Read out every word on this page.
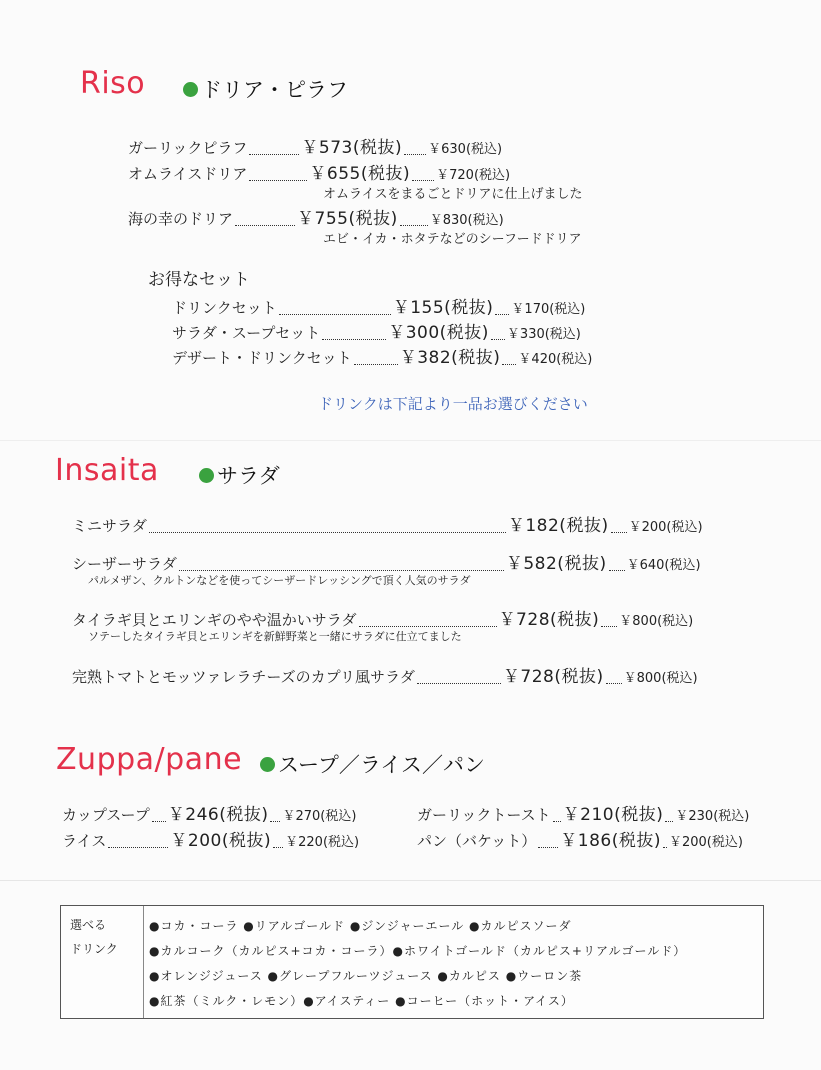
Riso	ドリア・ピラフ
ガーリックピラフ	￥573(税抜) ￥630(税込)
オムライスドリア	￥655(税抜) ￥720(税込)
オムライスをまるごとドリアに仕上げました
海の幸のドリア	￥755(税抜) ￥830(税込)
エビ・イカ・ホタテなどのシーフードドリア
お得なセット
ドリンクセット	￥155(税抜) ￥170(税込)
サラダ・スープセット	￥300(税抜) ￥330(税込)
デザート・ドリンクセット	￥382(税抜) ￥420(税込)
ドリンクは下記より一品お選びください
Insaita	サラダ
ミニサラダ	￥182(税抜) ￥200(税込)
シーザーサラダ	￥582(税抜) ￥640(税込)
パルメザン、クルトンなどを使ってシーザードレッシングで頂く人気のサラダ
タイラギ貝とエリンギのやや温かいサラダ	￥728(税抜) ￥800(税込)
ソテーしたタイラギ貝とエリンギを新鮮野菜と一緒にサラダに仕立てました
完熟トマトとモッツァレラチーズのカプリ風サラダ	￥728(税抜) ￥800(税込)
Zuppa/pane スープ／ライス／パン
カップスープ ￥246(税抜) ￥270(税込)
ライス	￥200(税抜) ￥220(税込)
ガーリックトースト ￥210(税抜) ￥230(税込)
パン（バケット） ￥186(税抜) ￥200(税込)
選べる
ドリンク
●コカ・コーラ ●リアルゴールド ●ジンジャーエール ●カルピスソーダ
●カルコーク（カルピス+コカ・コーラ）●ホワイトゴールド（カルピス+リアルゴールド）
●オレンジジュース ●グレープフルーツジュース ●カルピス ●ウーロン茶
●紅茶（ミルク・レモン）●アイスティー ●コーヒー（ホット・アイス）
